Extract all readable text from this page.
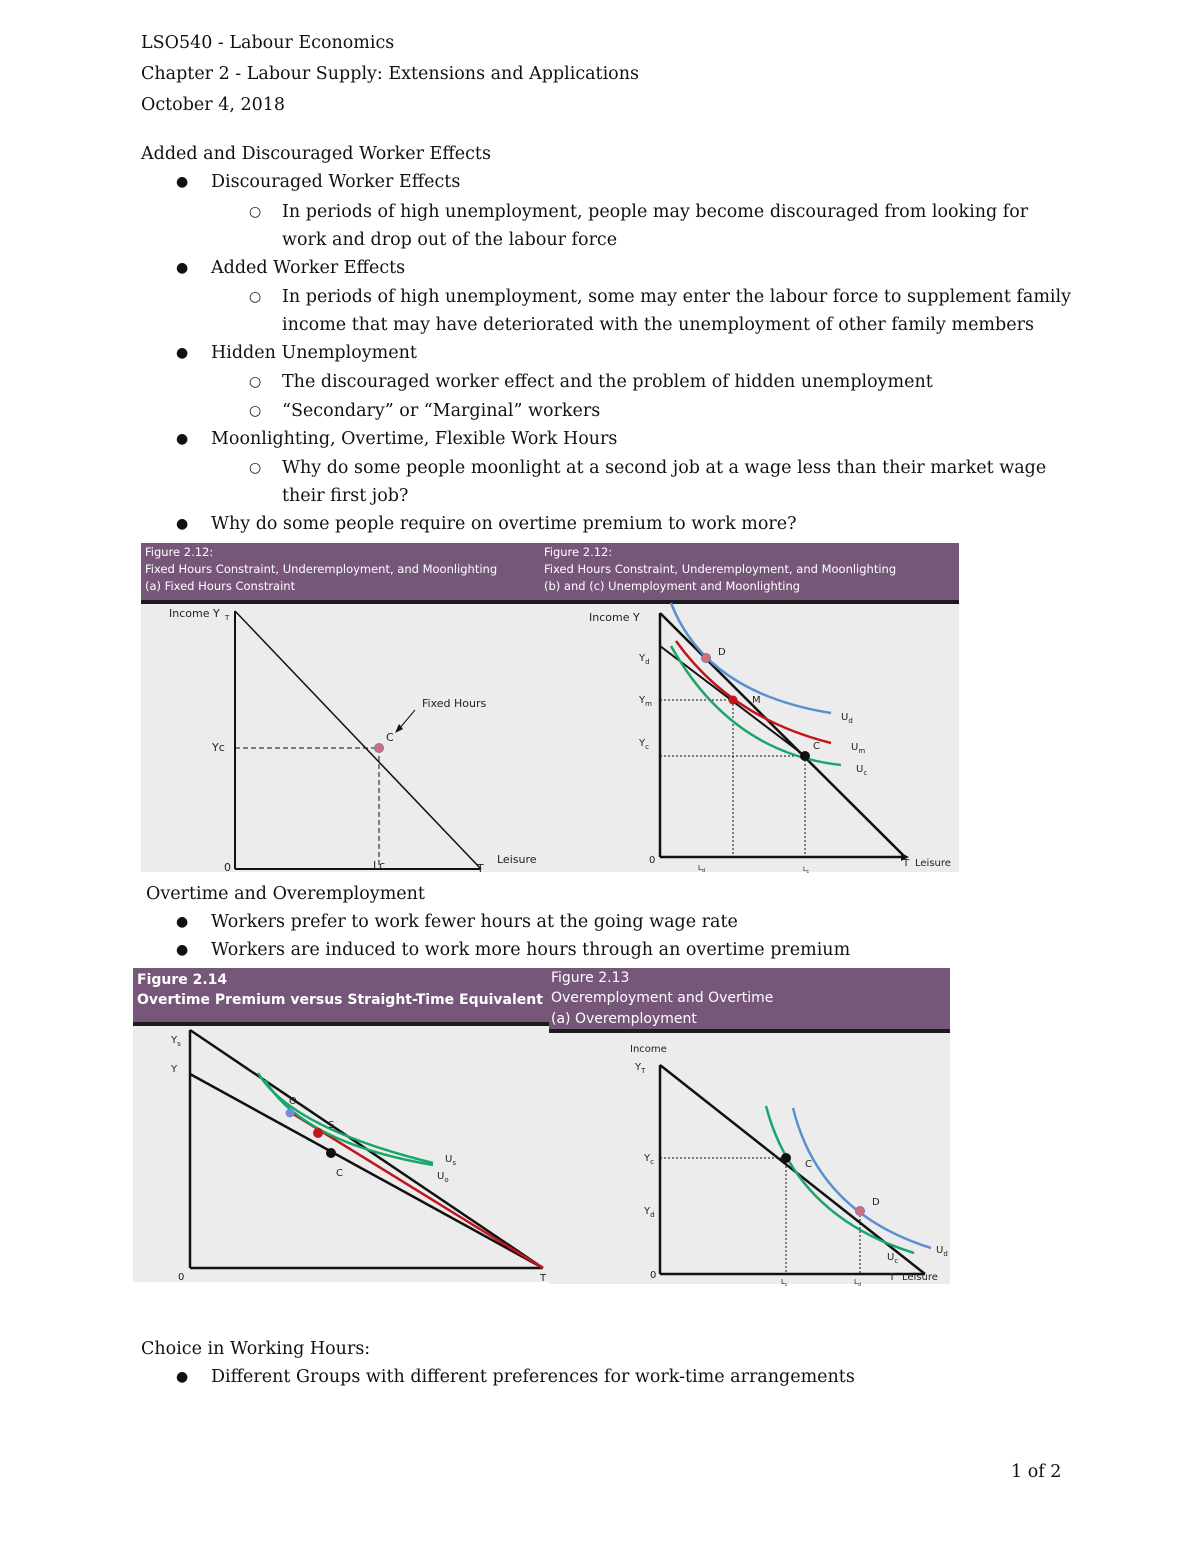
LSO540 - Labour Economics
Chapter 2 - Labour Supply: Extensions and Applications
October 4, 2018
Added and Discouraged Worker Effects
● Discouraged Worker Effects
○ In periods of high unemployment, people may become discouraged from looking for
work and drop out of the labour force
● Added Worker Effects
○ In periods of high unemployment, some may enter the labour force to supplement family
income that may have deteriorated with the unemployment of other family members
● Hidden Unemployment
○ The discouraged worker effect and the problem of hidden unemployment
○ “Secondary” or “Marginal” workers
● Moonlighting, Overtime, Flexible Work Hours
○ Why do some people moonlight at a second job at a wage less than their market wage
their first job?
● Why do some people require on overtime premium to work more?
Figure 2.12:
Fixed Hours Constraint, Underemployment, and Moonlighting
(a) Fixed Hours Constraint
Income Y T
Yc
0	Lc	T
Leisure
C
Fixed Hours
Figure 2.12:
Fixed Hours Constraint, Underemployment, and Moonlighting
(b) and (c) Unemployment and Moonlighting
Income Y
$Y_d$
$Y_m$
$Y_c$
D
M
C
$U_d$
$U_m$
$U_c$
0
$L_d$	$L_c$
T Leisure
Overtime and Overemployment
● Workers prefer to work fewer hours at the going wage rate
● Workers are induced to work more hours through an overtime premium
Figure 2.14
Overtime Premium versus Straight-Time Equivalent
$Y_s$
Y
O
S
C
$U_s$
$U_o$
0	T
Figure 2.13
Overemployment and Overtime
(a) Overemployment
Income
$Y_T$
$Y_c$
$Y_d$
C
D
$U_d$
$U_c$
0
$L_c$	$L_d$
T Leisure
Choice in Working Hours:
● Different Groups with different preferences for work-time arrangements
1 of 2
